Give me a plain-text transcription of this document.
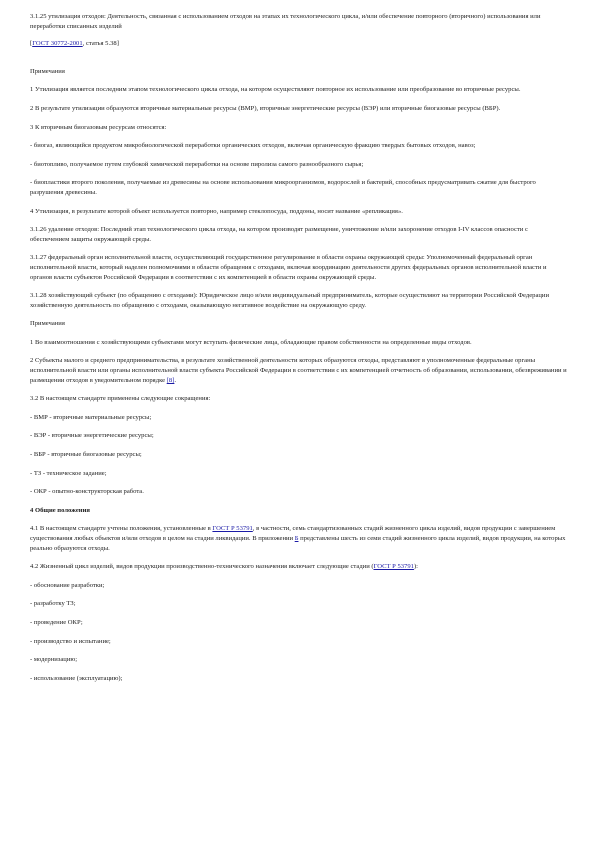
3.1.25 утилизация отходов: Деятельность, связанная с использованием отходов на этапах их технологического цикла, и/или обеспечение повторного (вторичного) использования или переработки списанных изделий

[ГОСТ 30772-2001, статья 5.38]

Примечания

1 Утилизация является последним этапом технологического цикла отхода, на котором осуществляют повторное их использование или преобразование во вторичные ресурсы.

2 В результате утилизации образуются вторичные материальные ресурсы (ВМР), вторичные энергетические ресурсы (ВЭР) или вторичные биогазовые ресурсы (ВБР).

3 К вторичным биогазовым ресурсам относятся:

- биогаз, являющийся продуктом микробиологической переработки органических отходов, включая органическую фракцию твердых бытовых отходов, навоз;

- биотопливо, получаемое путем глубокой химической переработки на основе пиролиза самого разнообразного сырья;

- биопластики второго поколения, получаемые из древесины на основе использования микроорганизмов, водорослей и бактерий, способных предусматривать сжатие для быстрого разрушения древесины.

4 Утилизация, в результате которой объект используется повторно, например стеклопосуда, поддоны, носит название «репликация».

3.1.26 удаление отходов: Последний этап технологического цикла отхода, на котором производят размещение, уничтожение и/или захоронение отходов I-IV классов опасности с обеспечением защиты окружающей среды.

3.1.27 федеральный орган исполнительной власти, осуществляющий государственное регулирование в области охраны окружающей среды: Уполномоченный федеральный орган исполнительной власти, который наделен полномочиями в области обращения с отходами, включая координацию деятельности других федеральных органов исполнительной власти и органов власти субъектов Российской Федерации в соответствии с их компетенцией в области охраны окружающей среды.

3.1.28 хозяйствующий субъект (по обращению с отходами): Юридическое лицо и/или индивидуальный предприниматель, которые осуществляют на территории Российской Федерации хозяйственную деятельность по обращению с отходами, оказывающую негативное воздействие на окружающую среду.

Примечания

1 Во взаимоотношения с хозяйствующими субъектами могут вступать физические лица, обладающие правом собственности на определенные виды отходов.

2 Субъекты малого и среднего предпринимательства, в результате хозяйственной деятельности которых образуются отходы, представляют в уполномоченные федеральные органы исполнительной власти или органы исполнительной власти субъекта Российской Федерации в соответствии с их компетенцией отчетность об образовании, использовании, обезвреживании и размещении отходов в уведомительном порядке [8].

3.2 В настоящем стандарте применены следующие сокращения:

- ВМР - вторичные материальные ресурсы;

- ВЭР - вторичные энергетические ресурсы;

- ВБР - вторичные биогазовые ресурсы;

- ТЗ - техническое задание;

- ОКР - опытно-конструкторская работа.

4 Общие положения

4.1 В настоящем стандарте учтены положения, установленные в ГОСТ Р 53791, в частности, семь стандартизованных стадий жизненного цикла изделий, видов продукции с завершением существования любых объектов и/или отходов в целом на стадии ликвидации. В приложении Б представлены шесть из семи стадий жизненного цикла изделий, видов продукции, на которых реально образуются отходы.

4.2 Жизненный цикл изделий, видов продукции производственно-технического назначения включает следующие стадии (ГОСТ Р 53791):

- обоснование разработки;

- разработку ТЗ;

- проведение ОКР;

- производство и испытание;

- модернизацию;

- использование (эксплуатацию);
